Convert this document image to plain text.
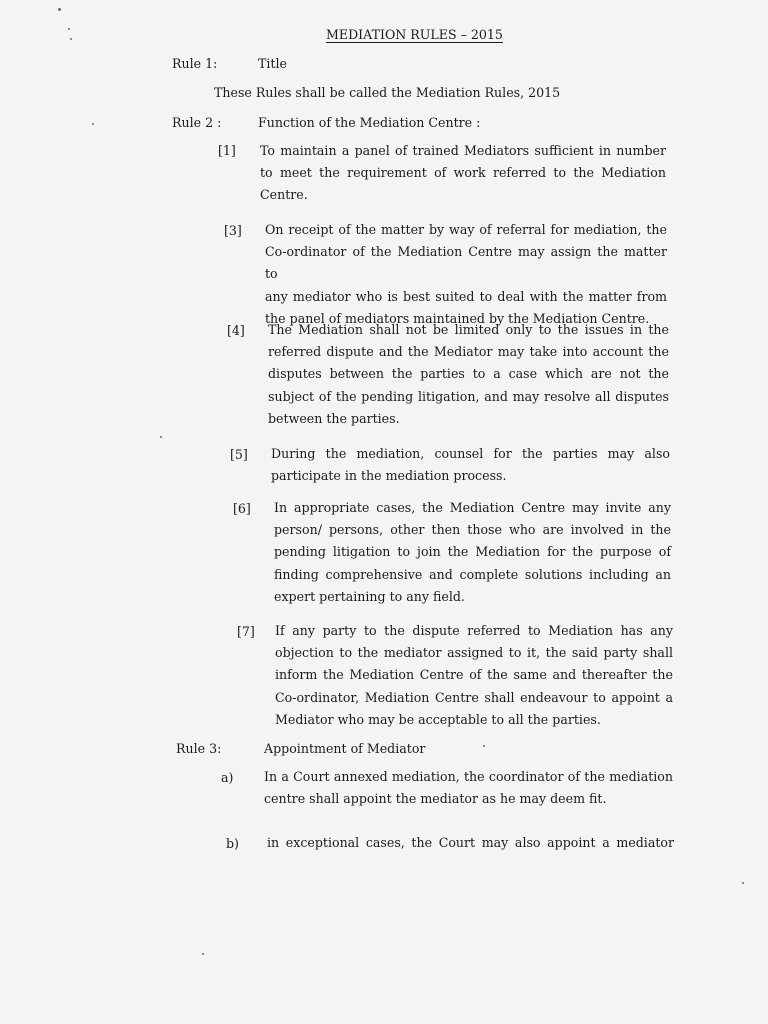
MEDIATION RULES – 2015
Rule 1:	Title
These Rules shall be called the Mediation Rules, 2015
Rule 2 :	Function of the Mediation Centre :
[1] To maintain a panel of trained Mediators sufficient in number
to meet the requirement of work referred to the Mediation
Centre.
[3] On receipt of the matter by way of referral for mediation, the
Co-ordinator of the Mediation Centre may assign the matter to
any mediator who is best suited to deal with the matter from
the panel of mediators maintained by the Mediation Centre.
[4] The Mediation shall not be limited only to the issues in the
referred dispute and the Mediator may take into account the
disputes between the parties to a case which are not the
subject of the pending litigation, and may resolve all disputes
between the parties.
[5] During the mediation, counsel for the parties may also
participate in the mediation process.
[6] In appropriate cases, the Mediation Centre may invite any
person/ persons, other then those who are involved in the
pending litigation to join the Mediation for the purpose of
finding comprehensive and complete solutions including an
expert pertaining to any field.
[7] If any party to the dispute referred to Mediation has any
objection to the mediator assigned to it, the said party shall
inform the Mediation Centre of the same and thereafter the
Co-ordinator, Mediation Centre shall endeavour to appoint a
Mediator who may be acceptable to all the parties.
Rule 3:	Appointment of Mediator
a) In a Court annexed mediation, the coordinator of the mediation
centre shall appoint the mediator as he may deem fit.
b) in exceptional cases, the Court may also appoint a mediator
